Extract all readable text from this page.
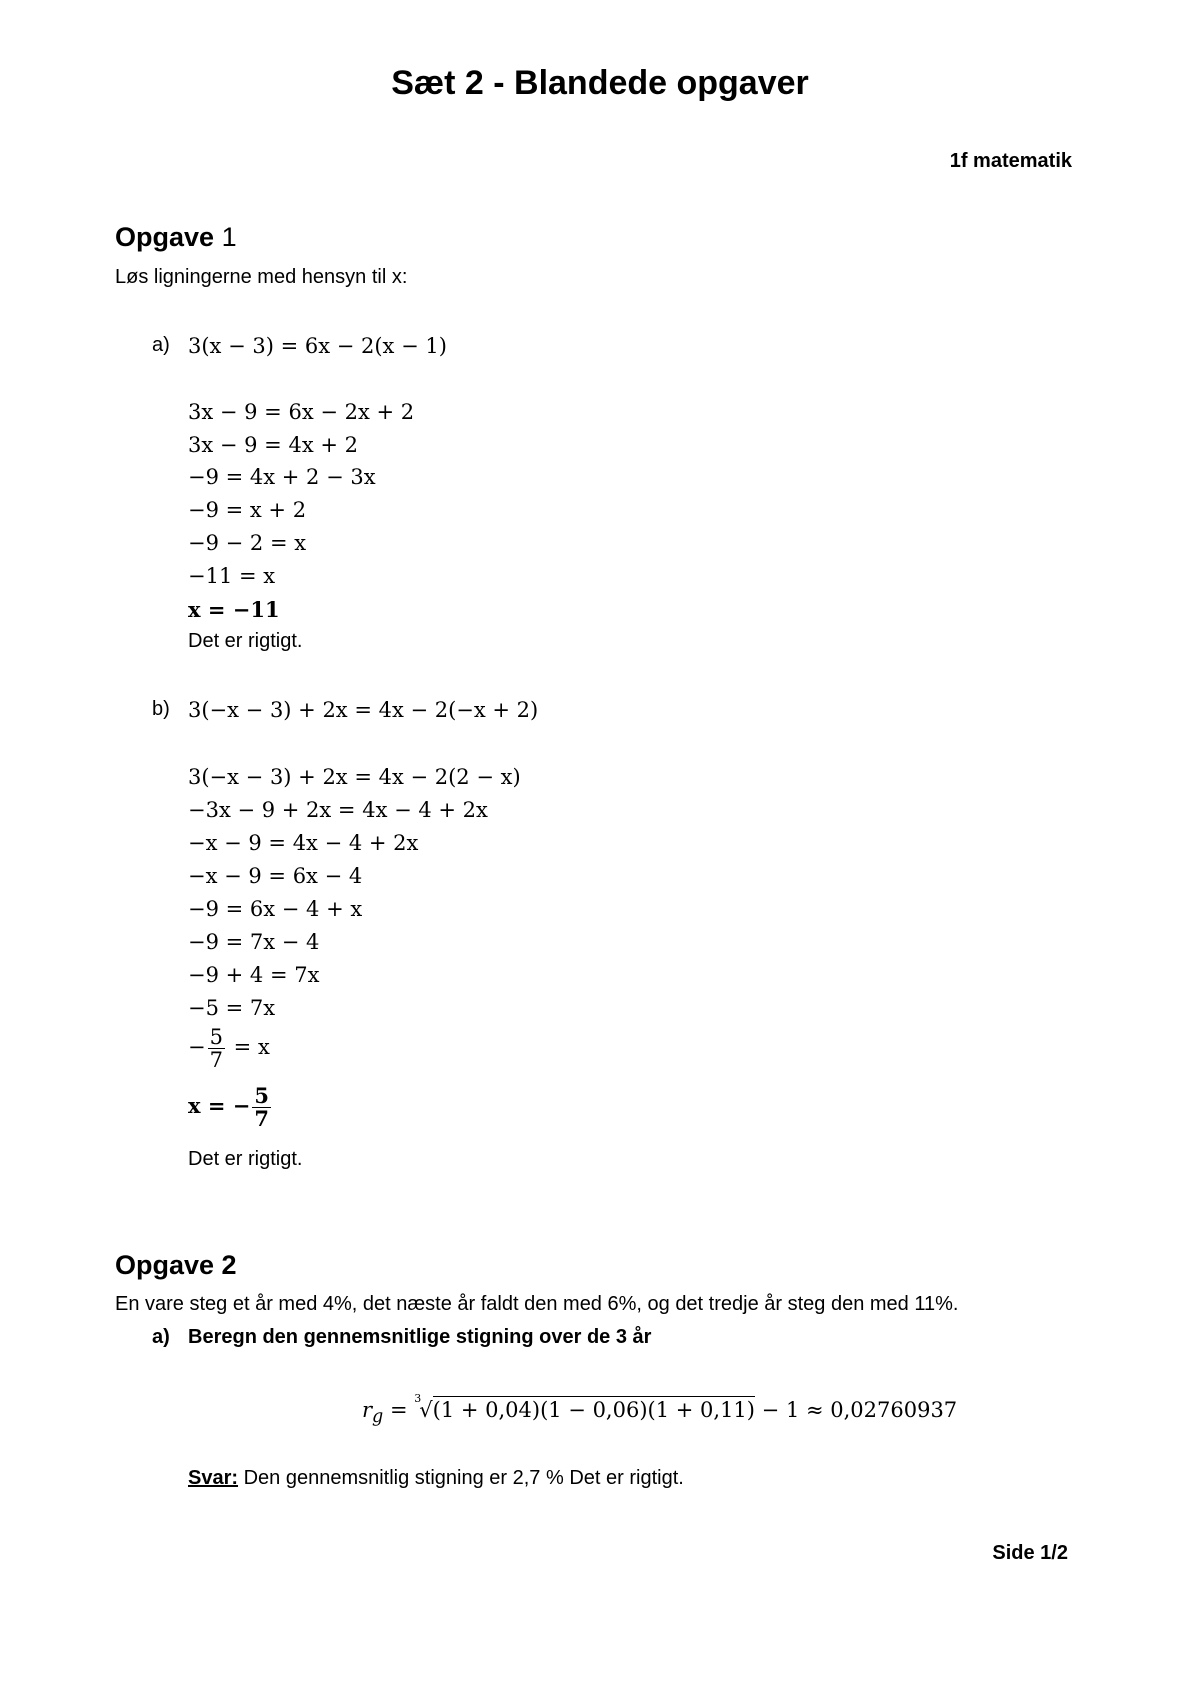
Sæt 2 - Blandede opgaver
1f matematik
Opgave 1
Løs ligningerne med hensyn til x:
a) 3(x − 3) = 6x − 2(x − 1)
3x − 9 = 6x − 2x + 2
3x − 9 = 4x + 2
−9 = 4x + 2 − 3x
−9 = x + 2
−9 − 2 = x
−11 = x
x = −11
Det er rigtigt.
b) 3(−x − 3) + 2x = 4x − 2(−x + 2)
3(−x − 3) + 2x = 4x − 2(2 − x)
−3x − 9 + 2x = 4x − 4 + 2x
−x − 9 = 4x − 4 + 2x
−x − 9 = 6x − 4
−9 = 6x − 4 + x
−9 = 7x − 4
−9 + 4 = 7x
−5 = 7x
− $\frac{5}{7} = x$
x = − $\frac{5}{7}$
Det er rigtigt.
Opgave 2
En vare steg et år med 4%, det næste år faldt den med 6%, og det tredje år steg den med 11%.
a) Beregn den gennemsnitlige stigning over de 3 år
$r_g = ^3√(1 + 0,04)(1 - 0,06)(1 + 0,11) - 1 \approx 0,02760937$
Svar: Den gennemsnitlig stigning er 2,7 % Det er rigtigt.
Side 1/2
